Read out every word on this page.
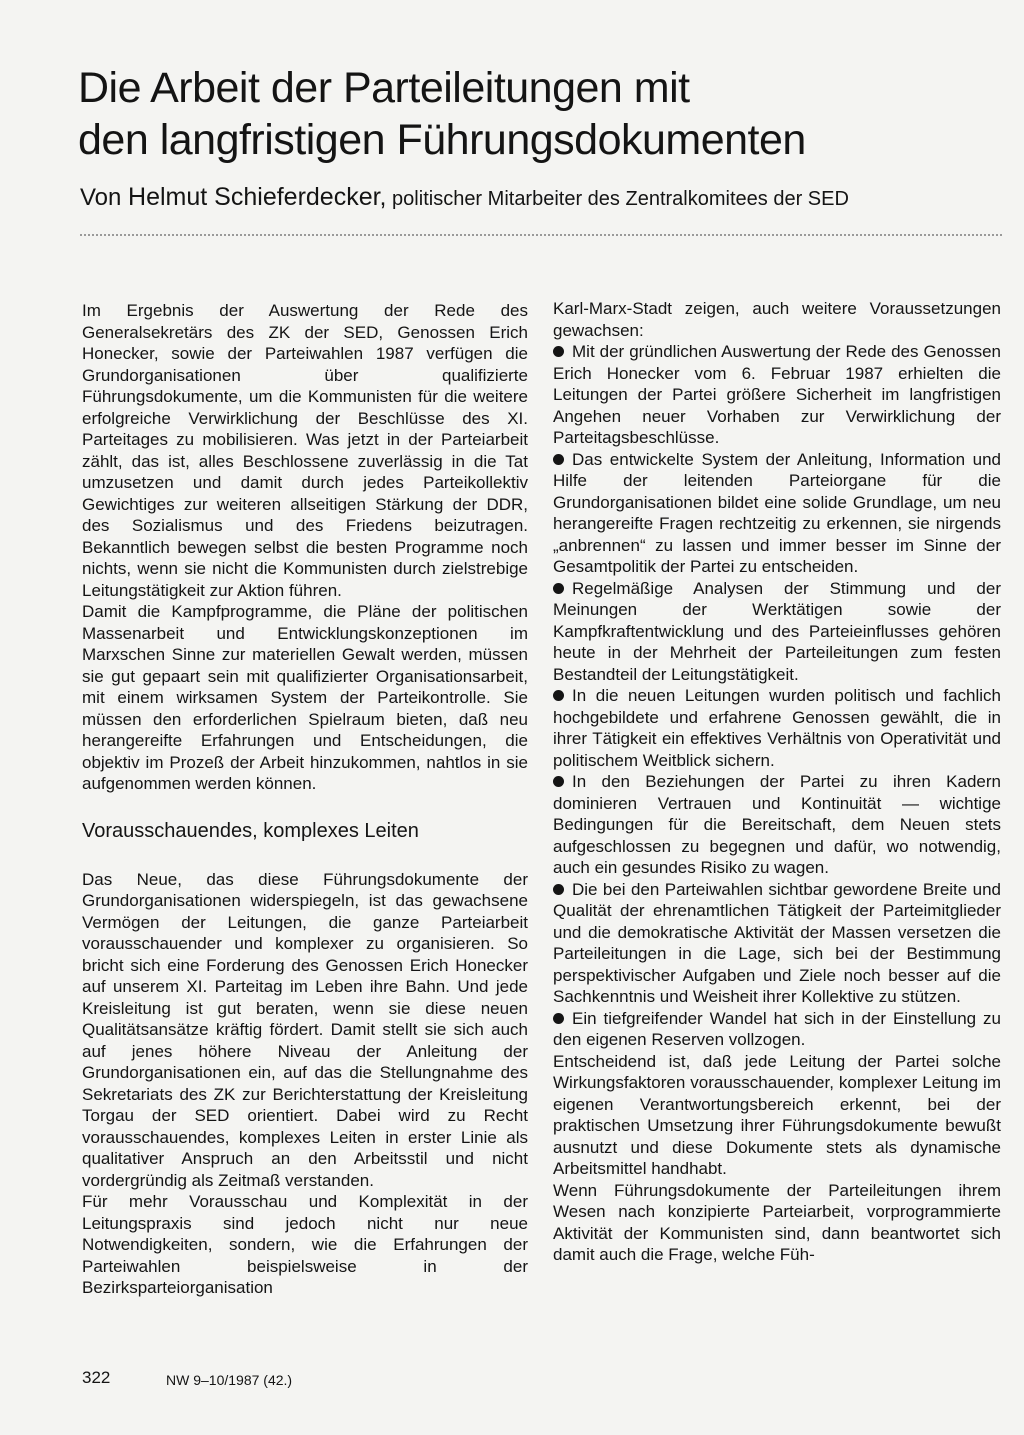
Die Arbeit der Parteileitungen mit
den langfristigen Führungsdokumenten
Von Helmut Schieferdecker, politischer Mitarbeiter des Zentralkomitees der SED

Im Ergebnis der Auswertung der Rede des Generalsekretärs des ZK der SED, Genossen Erich Honecker, sowie der Parteiwahlen 1987 verfügen die Grundorganisationen über qualifizierte Führungsdokumente, um die Kommunisten für die weitere erfolgreiche Verwirklichung der Beschlüsse des XI. Parteitages zu mobilisieren. Was jetzt in der Parteiarbeit zählt, das ist, alles Beschlossene zuverlässig in die Tat umzusetzen und damit durch jedes Parteikollektiv Gewichtiges zur weiteren allseitigen Stärkung der DDR, des Sozialismus und des Friedens beizutragen. Bekanntlich bewegen selbst die besten Programme noch nichts, wenn sie nicht die Kommunisten durch zielstrebige Leitungstätigkeit zur Aktion führen.

Damit die Kampfprogramme, die Pläne der politischen Massenarbeit und Entwicklungskonzeptionen im Marxschen Sinne zur materiellen Gewalt werden, müssen sie gut gepaart sein mit qualifizierter Organisationsarbeit, mit einem wirksamen System der Parteikontrolle. Sie müssen den erforderlichen Spielraum bieten, daß neu herangereifte Erfahrungen und Entscheidungen, die objektiv im Prozeß der Arbeit hinzukommen, nahtlos in sie aufgenommen werden können.

Vorausschauendes, komplexes Leiten

Das Neue, das diese Führungsdokumente der Grundorganisationen widerspiegeln, ist das gewachsene Vermögen der Leitungen, die ganze Parteiarbeit vorausschauender und komplexer zu organisieren. So bricht sich eine Forderung des Genossen Erich Honecker auf unserem XI. Parteitag im Leben ihre Bahn. Und jede Kreisleitung ist gut beraten, wenn sie diese neuen Qualitätsansätze kräftig fördert. Damit stellt sie sich auch auf jenes höhere Niveau der Anleitung der Grundorganisationen ein, auf das die Stellungnahme des Sekretariats des ZK zur Berichterstattung der Kreisleitung Torgau der SED orientiert. Dabei wird zu Recht vorausschauendes, komplexes Leiten in erster Linie als qualitativer Anspruch an den Arbeitsstil und nicht vordergründig als Zeitmaß verstanden.

Für mehr Vorausschau und Komplexität in der Leitungspraxis sind jedoch nicht nur neue Notwendigkeiten, sondern, wie die Erfahrungen der Parteiwahlen beispielsweise in der Bezirksparteiorganisation

Karl-Marx-Stadt zeigen, auch weitere Voraussetzungen gewachsen:

Mit der gründlichen Auswertung der Rede des Genossen Erich Honecker vom 6. Februar 1987 erhielten die Leitungen der Partei größere Sicherheit im langfristigen Angehen neuer Vorhaben zur Verwirklichung der Parteitagsbeschlüsse.

Das entwickelte System der Anleitung, Information und Hilfe der leitenden Parteiorgane für die Grundorganisationen bildet eine solide Grundlage, um neu herangereifte Fragen rechtzeitig zu erkennen, sie nirgends „anbrennen“ zu lassen und immer besser im Sinne der Gesamtpolitik der Partei zu entscheiden.

Regelmäßige Analysen der Stimmung und der Meinungen der Werktätigen sowie der Kampfkraftentwicklung und des Parteieinflusses gehören heute in der Mehrheit der Parteileitungen zum festen Bestandteil der Leitungstätigkeit.

In die neuen Leitungen wurden politisch und fachlich hochgebildete und erfahrene Genossen gewählt, die in ihrer Tätigkeit ein effektives Verhältnis von Operativität und politischem Weitblick sichern.

In den Beziehungen der Partei zu ihren Kadern dominieren Vertrauen und Kontinuität — wichtige Bedingungen für die Bereitschaft, dem Neuen stets aufgeschlossen zu begegnen und dafür, wo notwendig, auch ein gesundes Risiko zu wagen.

Die bei den Parteiwahlen sichtbar gewordene Breite und Qualität der ehrenamtlichen Tätigkeit der Parteimitglieder und die demokratische Aktivität der Massen versetzen die Parteileitungen in die Lage, sich bei der Bestimmung perspektivischer Aufgaben und Ziele noch besser auf die Sachkenntnis und Weisheit ihrer Kollektive zu stützen.

Ein tiefgreifender Wandel hat sich in der Einstellung zu den eigenen Reserven vollzogen.

Entscheidend ist, daß jede Leitung der Partei solche Wirkungsfaktoren vorausschauender, komplexer Leitung im eigenen Verantwortungsbereich erkennt, bei der praktischen Umsetzung ihrer Führungsdokumente bewußt ausnutzt und diese Dokumente stets als dynamische Arbeitsmittel handhabt.

Wenn Führungsdokumente der Parteileitungen ihrem Wesen nach konzipierte Parteiarbeit, vorprogrammierte Aktivität der Kommunisten sind, dann beantwortet sich damit auch die Frage, welche Füh-

322	NW 9–10/1987 (42.)
